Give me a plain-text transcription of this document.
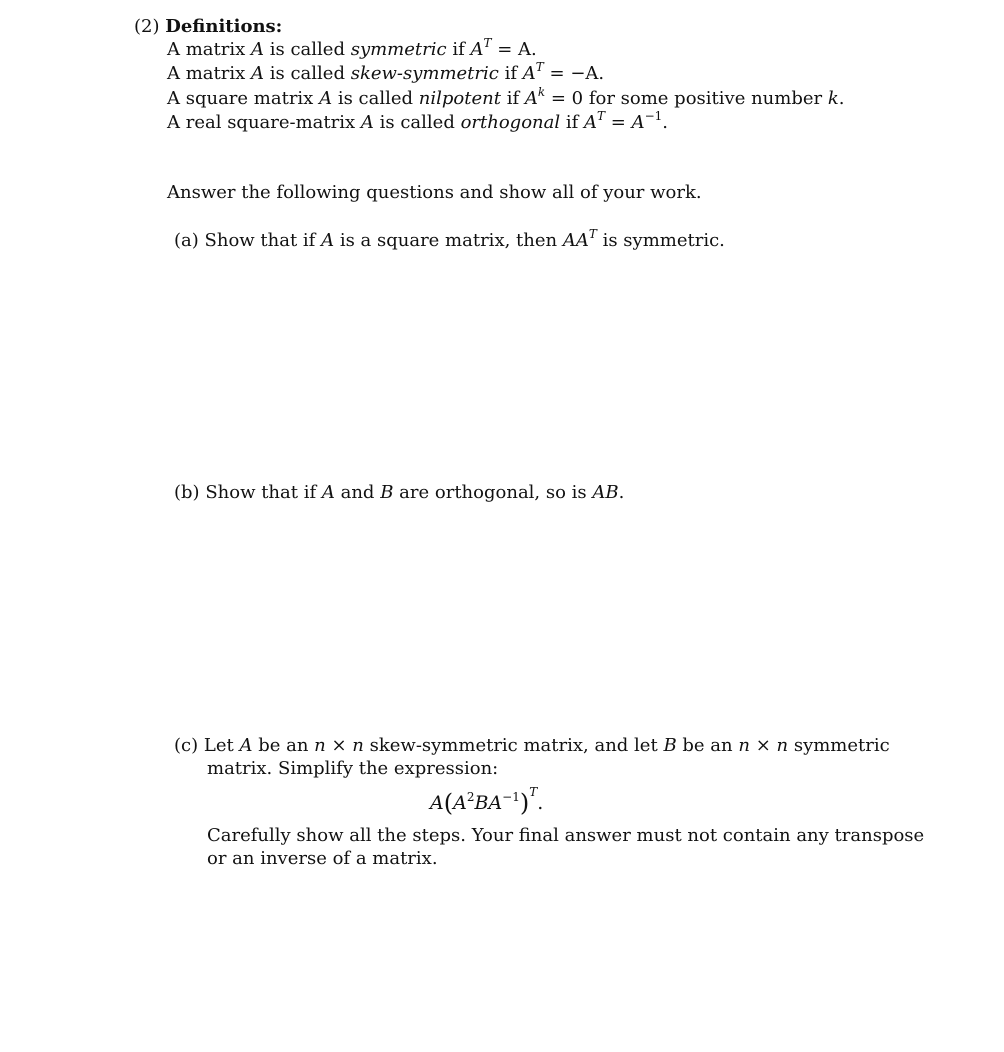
(2) Definitions:
A matrix A is called symmetric if $A^T = A$.
A matrix A is called skew-symmetric if $A^T = -A$.
A square matrix A is called nilpotent if $A^k = 0$ for some positive number k.
A real square-matrix A is called orthogonal if $A^T = A^{-1}$.
Answer the following questions and show all of your work.
(a) Show that if A is a square matrix, then $AA^T$ is symmetric.
(b) Show that if A and B are orthogonal, so is AB.
(c) Let A be an n × n skew-symmetric matrix, and let B be an n × n symmetric
matrix. Simplify the expression:
$A(A^2BA^{-1})^T$.
Carefully show all the steps. Your final answer must not contain any transpose
or an inverse of a matrix.
